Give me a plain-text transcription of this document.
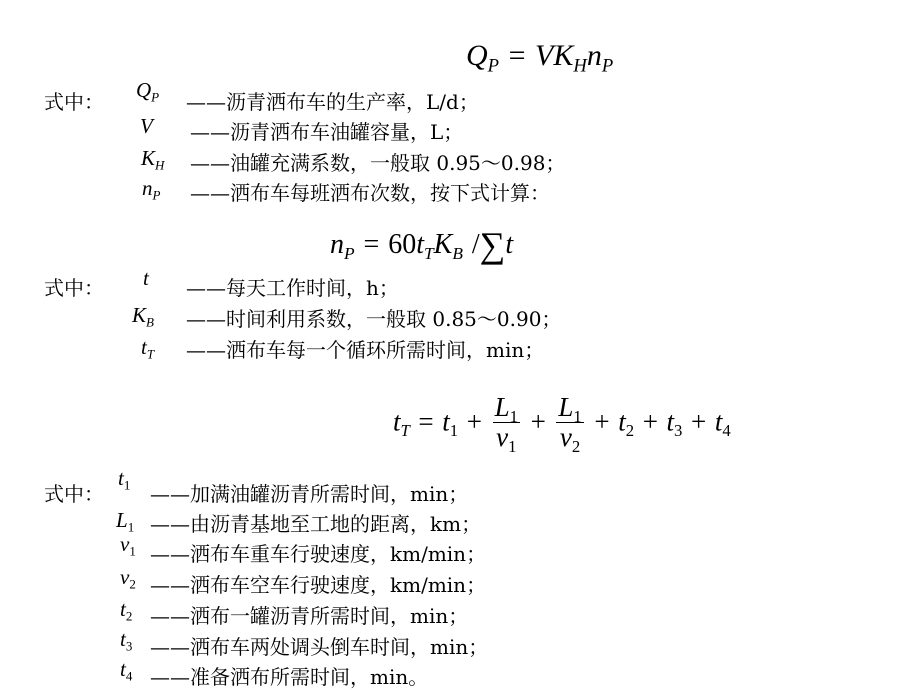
$Q_P = VK_Hn_P$
式中： $Q_P$ ——沥青洒布车的生产率，L/d；
V ——沥青洒布车油罐容量，L；
$K_H$ ——油罐充满系数，一般取 0.95～0.98；
$n_P$ ——洒布车每班洒布次数，按下式计算：
$n_P = 60t_TK_B$ /∑t
式中： t ——每天工作时间，h；
$K_B$ ——时间利用系数，一般取 0.85～0.90；
$t_T$ ——洒布车每一个循环所需时间，min；
$t_T = t_1 + \frac{L_1}{v_1} + \frac{L_1}{v_2} + t_2 + t_3 + t_4$
式中：
$t_1$ ——加满油罐沥青所需时间，min；
$L_1$ ——由沥青基地至工地的距离，km；
$v_1$ ——洒布车重车行驶速度，km/min；
$v_2$ ——洒布车空车行驶速度，km/min；
$t_2$ ——洒布一罐沥青所需时间，min；
$t_3$ ——洒布车两处调头倒车时间，min；
$t_4$ ——准备洒布所需时间，min。
